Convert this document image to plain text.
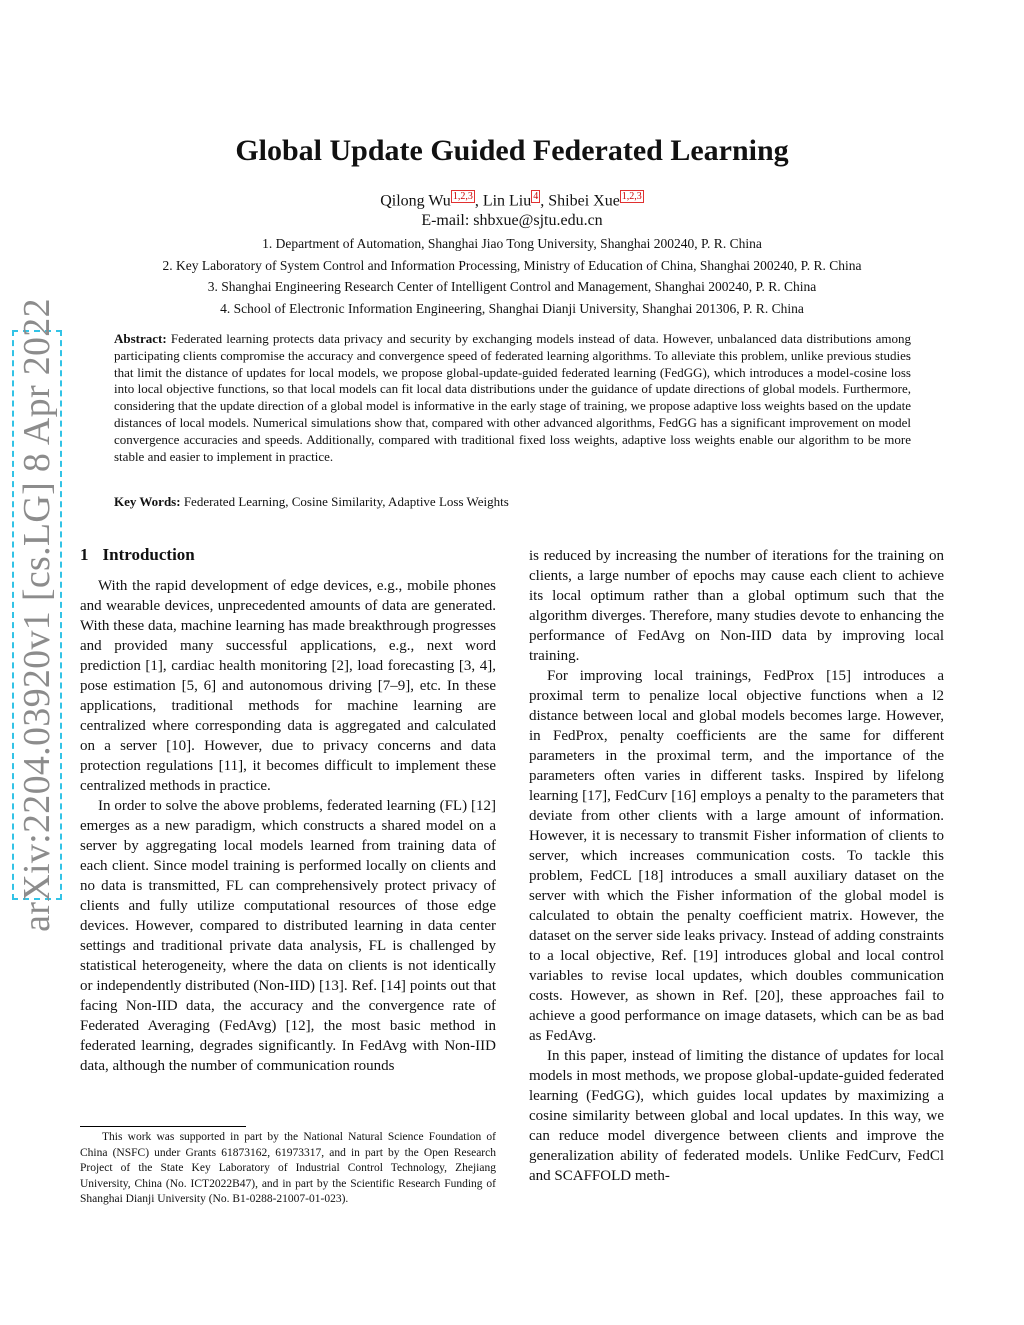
arXiv:2204.03920v1 [cs.LG] 8 Apr 2022
Global Update Guided Federated Learning
Qilong Wu 1,2,3 , Lin Liu 4 , Shibei Xue 1,2,3
E-mail: shbxue@sjtu.edu.cn
1. Department of Automation, Shanghai Jiao Tong University, Shanghai 200240, P. R. China
2. Key Laboratory of System Control and Information Processing, Ministry of Education of China, Shanghai 200240, P. R. China
3. Shanghai Engineering Research Center of Intelligent Control and Management, Shanghai 200240, P. R. China
4. School of Electronic Information Engineering, Shanghai Dianji University, Shanghai 201306, P. R. China
Abstract: Federated learning protects data privacy and security by exchanging models instead of data. However, unbalanced data distributions among participating clients compromise the accuracy and convergence speed of federated learning algorithms. To alleviate this problem, unlike previous studies that limit the distance of updates for local models, we propose global-update-guided federated learning (FedGG), which introduces a model-cosine loss into local objective functions, so that local models can fit local data distributions under the guidance of update directions of global models. Furthermore, considering that the update direction of a global model is informative in the early stage of training, we propose adaptive loss weights based on the update distances of local models. Numerical simulations show that, compared with other advanced algorithms, FedGG has a significant improvement on model convergence accuracies and speeds. Additionally, compared with traditional fixed loss weights, adaptive loss weights enable our algorithm to be more stable and easier to implement in practice.
Key Words: Federated Learning, Cosine Similarity, Adaptive Loss Weights
1 Introduction

With the rapid development of edge devices, e.g., mobile phones and wearable devices, unprecedented amounts of data are generated. With these data, machine learning has made breakthrough progresses and provided many successful applications, e.g., next word prediction [1], cardiac health monitoring [2], load forecasting [3, 4], pose estimation [5, 6] and autonomous driving [7–9], etc. In these applications, traditional methods for machine learning are centralized where corresponding data is aggregated and calculated on a server [10]. However, due to privacy concerns and data protection regulations [11], it becomes difficult to implement these centralized methods in practice.

In order to solve the above problems, federated learning (FL) [12] emerges as a new paradigm, which constructs a shared model on a server by aggregating local models learned from training data of each client. Since model training is performed locally on clients and no data is transmitted, FL can comprehensively protect privacy of clients and fully utilize computational resources of those edge devices. However, compared to distributed learning in data center settings and traditional private data analysis, FL is challenged by statistical heterogeneity, where the data on clients is not identically or independently distributed (Non-IID) [13]. Ref. [14] points out that facing Non-IID data, the accuracy and the convergence rate of Federated Averaging (FedAvg) [12], the most basic method in federated learning, degrades significantly. In FedAvg with Non-IID data, although the number of communication rounds

is reduced by increasing the number of iterations for the training on clients, a large number of epochs may cause each client to achieve its local optimum rather than a global optimum such that the algorithm diverges. Therefore, many studies devote to enhancing the performance of FedAvg on Non-IID data by improving local training.

For improving local trainings, FedProx [15] introduces a proximal term to penalize local objective functions when a l2 distance between local and global models becomes large. However, in FedProx, penalty coefficients are the same for different parameters in the proximal term, and the importance of the parameters often varies in different tasks. Inspired by lifelong learning [17], FedCurv [16] employs a penalty to the parameters that deviate from other clients with a large amount of information. However, it is necessary to transmit Fisher information of clients to server, which increases communication costs. To tackle this problem, FedCL [18] introduces a small auxiliary dataset on the server with which the Fisher information of the global model is calculated to obtain the penalty coefficient matrix. However, the dataset on the server side leaks privacy. Instead of adding constraints to a local objective, Ref. [19] introduces global and local control variables to revise local updates, which doubles communication costs. However, as shown in Ref. [20], these approaches fail to achieve a good performance on image datasets, which can be as bad as FedAvg.

In this paper, instead of limiting the distance of updates for local models in most methods, we propose global-update-guided federated learning (FedGG), which guides local updates by maximizing a cosine similarity between global and local updates. In this way, we can reduce model divergence between clients and improve the generalization ability of federated models. Unlike FedCurv, FedCl and SCAFFOLD meth-

This work was supported in part by the National Natural Science Foundation of China (NSFC) under Grants 61873162, 61973317, and in part by the Open Research Project of the State Key Laboratory of Industrial Control Technology, Zhejiang University, China (No. ICT2022B47), and in part by the Scientific Research Funding of Shanghai Dianji University (No. B1-0288-21007-01-023).
